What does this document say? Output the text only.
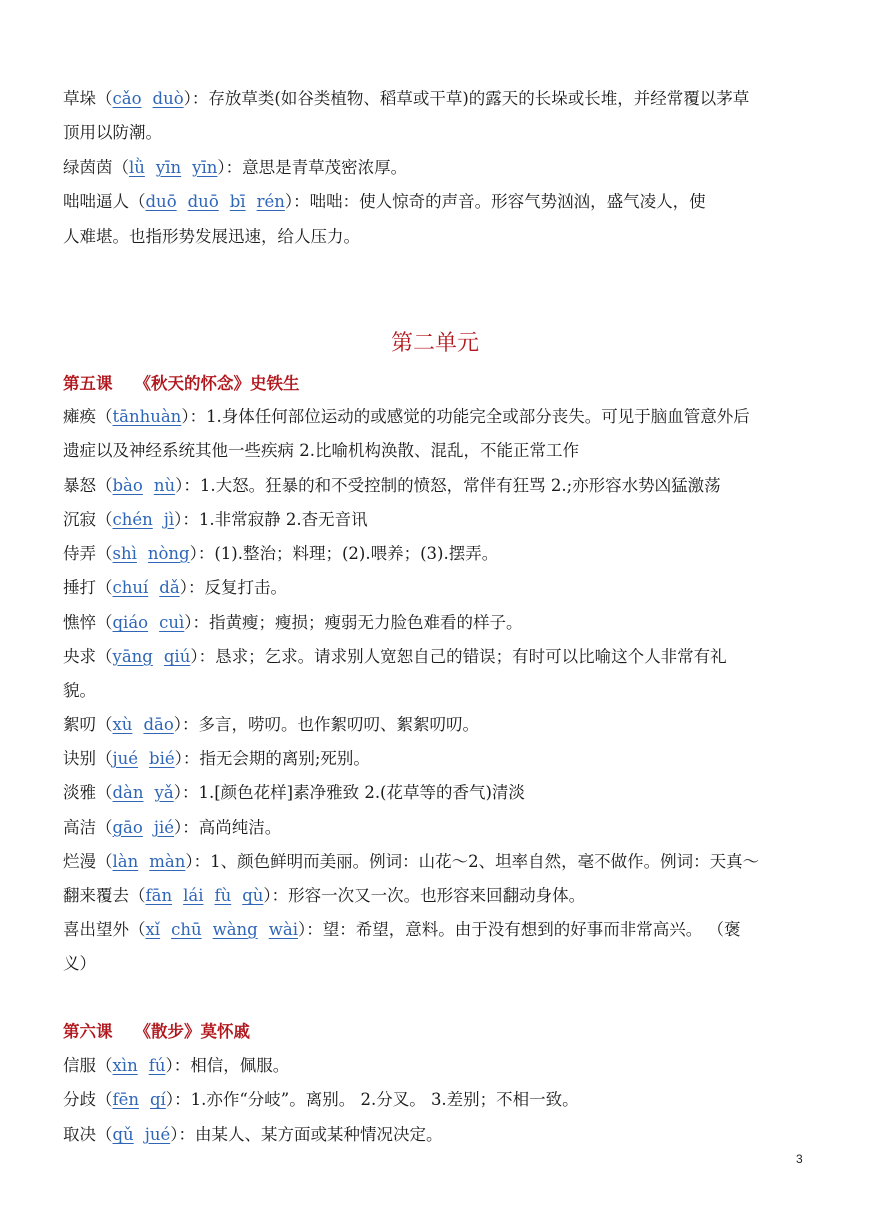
草垛（cǎo duò）：存放草类(如谷类植物、稻草或干草)的露天的长垛或长堆，并经常覆以茅草
顶用以防潮。
绿茵茵（lǜ yīn yīn）：意思是青草茂密浓厚。
咄咄逼人（duō duō bī rén）：咄咄：使人惊奇的声音。形容气势汹汹，盛气凌人，使
人难堪。也指形势发展迅速，给人压力。
第二单元
第五课 《秋天的怀念》史铁生
瘫痪（tānhuàn）：1.身体任何部位运动的或感觉的功能完全或部分丧失。可见于脑血管意外后
遗症以及神经系统其他一些疾病 2.比喻机构涣散、混乱，不能正常工作
暴怒（bào nù）：1.大怒。狂暴的和不受控制的愤怒，常伴有狂骂 2.;亦形容水势凶猛激荡
沉寂（chén jì）：1.非常寂静 2.杳无音讯
侍弄（shì nòng）：(1).整治；料理；(2).喂养；(3).摆弄。
捶打（chuí dǎ）：反复打击。
憔悴（qiáo cuì）：指黄瘦；瘦损；瘦弱无力脸色难看的样子。
央求（yāng qiú）：恳求；乞求。请求别人宽恕自己的错误；有时可以比喻这个人非常有礼
貌。
絮叨（xù dāo）：多言，唠叨。也作絮叨叨、絮絮叨叨。
诀别（jué bié）：指无会期的离别;死别。
淡雅（dàn yǎ）：1.[颜色花样]素净雅致 2.(花草等的香气)清淡
高洁（gāo jié）：高尚纯洁。
烂漫（làn màn）：1、颜色鲜明而美丽。例词：山花～2、坦率自然，毫不做作。例词：天真～
翻来覆去（fān lái fù qù）：形容一次又一次。也形容来回翻动身体。
喜出望外（xǐ chū wàng wài）：望：希望，意料。由于没有想到的好事而非常高兴。 （褒
义）
第六课 《散步》莫怀戚
信服（xìn fú）：相信，佩服。
分歧（fēn qí）：1.亦作“分岐”。离别。 2.分叉。 3.差别；不相一致。
取决（qǔ jué）：由某人、某方面或某种情况决定。
3
